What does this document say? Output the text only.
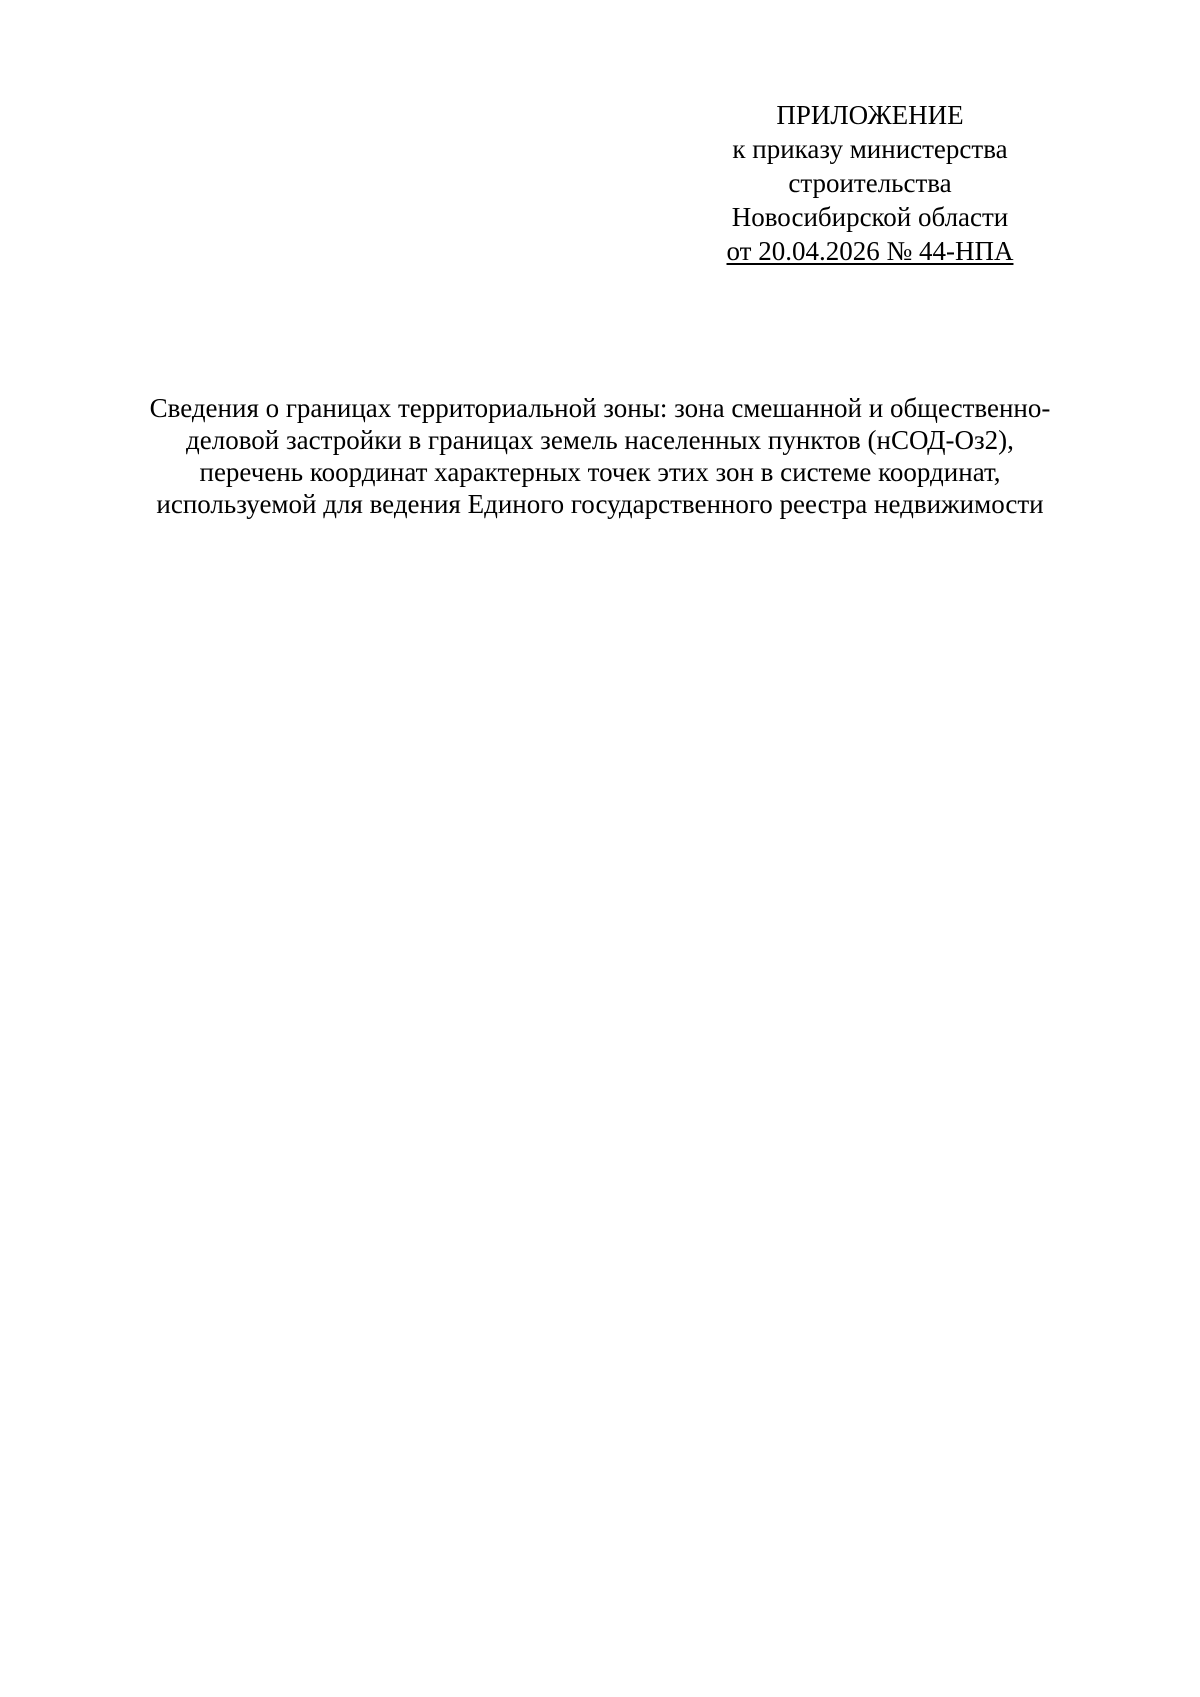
ПРИЛОЖЕНИЕ
к приказу министерства
строительства
Новосибирской области
от 20.04.2026 № 44-НПА
Сведения о границах территориальной зоны: зона смешанной и общественно-
деловой застройки в границах земель населенных пунктов (нСОД-Оз2),
перечень координат характерных точек этих зон в системе координат,
используемой для ведения Единого государственного реестра недвижимости
